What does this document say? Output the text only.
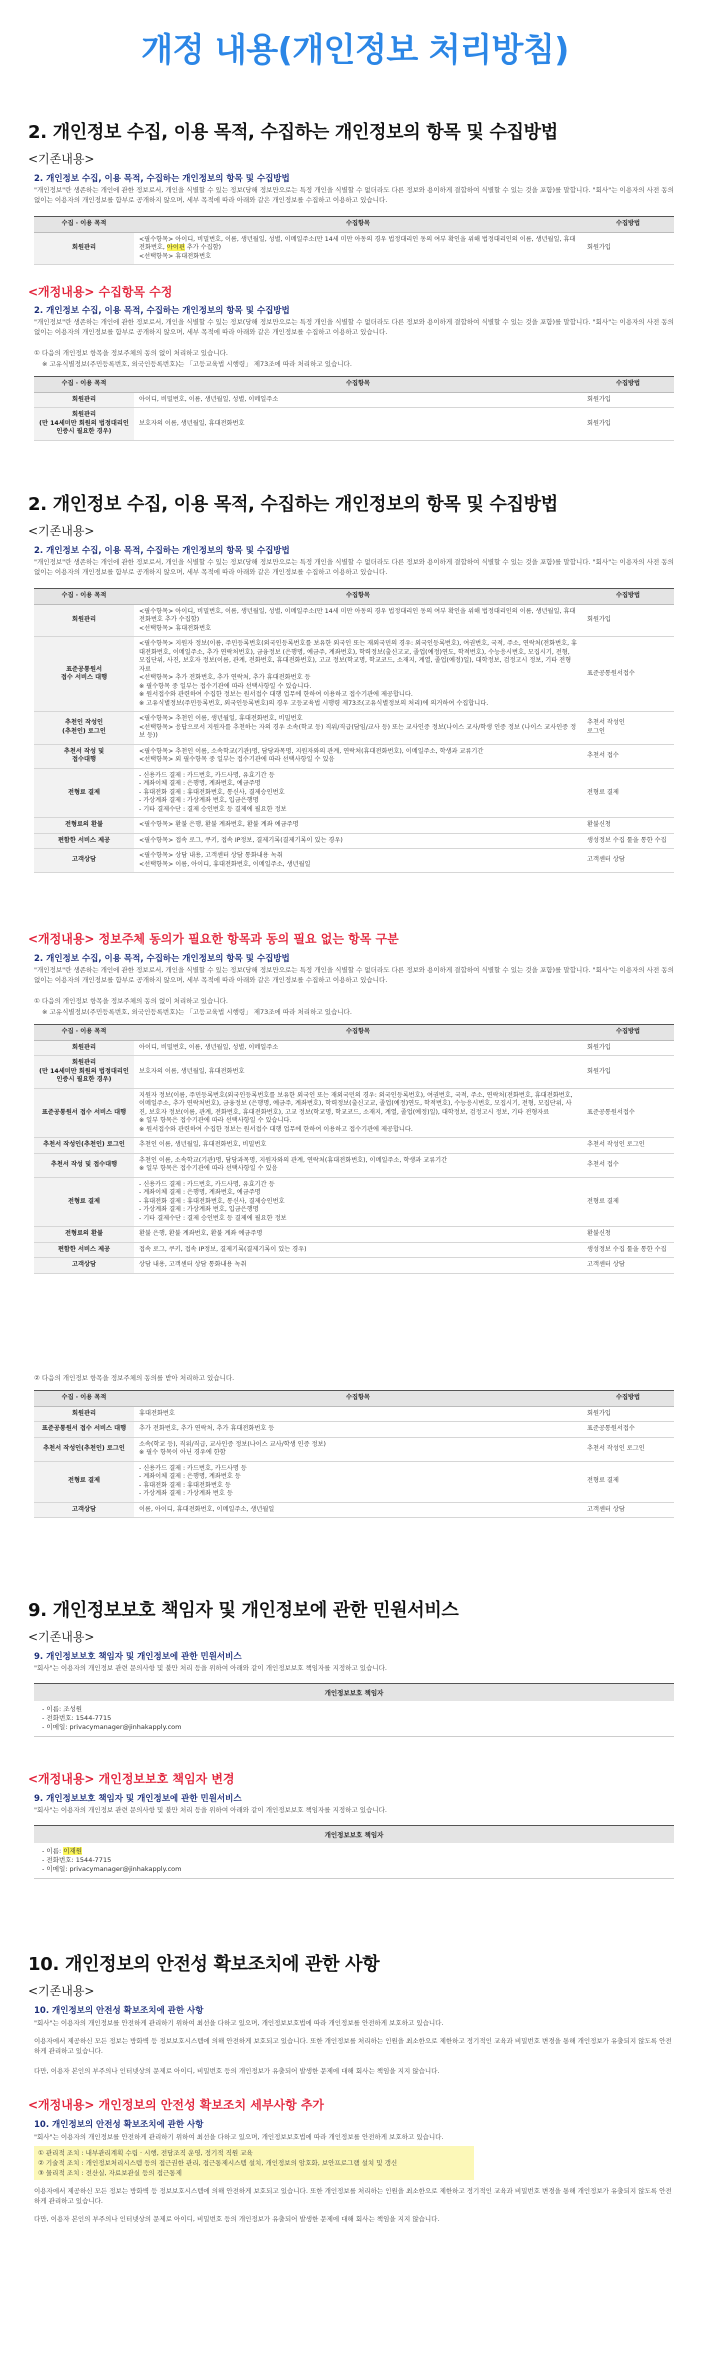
개정 내용(개인정보 처리방침)
2. 개인정보 수집, 이용 목적, 수집하는 개인정보의 항목 및 수집방법
<기존내용>
2. 개인정보 수집, 이용 목적, 수집하는 개인정보의 항목 및 수집방법
"개인정보"란 생존하는 개인에 관한 정보로서, 개인을 식별할 수 있는 정보(당해 정보만으로는 특정 개인을 식별할 수 없더라도 다른 정보와 용이하게 결합하여 식별할 수 있는 것을 포함)를 말합니다. "회사"는 이용자의 사전 동의 없이는 이용자의 개인정보를 함부로 공개하지 않으며, 세부 목적에 따라 아래와 같은 개인정보를 수집하고 이용하고 있습니다.
수집 · 이용 목적	수집항목	수집방법
회원관리	<필수항목> 아이디, 비밀번호, 이름, 생년월일, 성별, 이메일주소(만 14세 미만 아동의 경우 법정대리인 동의 여부 확인을 위해 법정대리인의 이름, 생년월일, 휴대전화번호, 아이핀 추가 수집함)
<선택항목> 휴대전화번호	회원가입
<개정내용> 수집항목 수정
2. 개인정보 수집, 이용 목적, 수집하는 개인정보의 항목 및 수집방법
"개인정보"란 생존하는 개인에 관한 정보로서, 개인을 식별할 수 있는 정보(당해 정보만으로는 특정 개인을 식별할 수 없더라도 다른 정보와 용이하게 결합하여 식별할 수 있는 것을 포함)를 말합니다. "회사"는 이용자의 사전 동의 없이는 이용자의 개인정보를 함부로 공개하지 않으며, 세부 목적에 따라 아래와 같은 개인정보를 수집하고 이용하고 있습니다.
① 다음의 개인정보 항목을 정보주체의 동의 없이 처리하고 있습니다.
※ 고유식별정보(주민등록번호, 외국인등록번호)는 「고등교육법 시행령」 제73조에 따라 처리하고 있습니다.
수집 · 이용 목적	수집항목	수집방법
회원관리	아이디, 비밀번호, 이름, 생년월일, 성별, 이메일주소	회원가입
회원관리
(만 14세미만 회원의 법정대리인 인증시 필요한 경우)	보호자의 이름, 생년월일, 휴대전화번호	회원가입
2. 개인정보 수집, 이용 목적, 수집하는 개인정보의 항목 및 수집방법
<기존내용>
2. 개인정보 수집, 이용 목적, 수집하는 개인정보의 항목 및 수집방법
"개인정보"란 생존하는 개인에 관한 정보로서, 개인을 식별할 수 있는 정보(당해 정보만으로는 특정 개인을 식별할 수 없더라도 다른 정보와 용이하게 결합하여 식별할 수 있는 것을 포함)를 말합니다. "회사"는 이용자의 사전 동의 없이는 이용자의 개인정보를 함부로 공개하지 않으며, 세부 목적에 따라 아래와 같은 개인정보를 수집하고 이용하고 있습니다.
수집 · 이용 목적	수집항목	수집방법
회원관리	<필수항목> 아이디, 비밀번호, 이름, 생년월일, 성별, 이메일주소(만 14세 미만 아동의 경우 법정대리인 동의 여부 확인을 위해 법정대리인의 이름, 생년월일, 휴대전화번호 추가 수집함)
<선택항목> 휴대전화번호	회원가입
표준공통원서
접수 서비스 대행	<필수항목> 지원자 정보(이름, 주민등록번호(외국인등록번호를 보유한 외국인 또는 재외국민의 경우: 외국인등록번호), 여권번호, 국적, 주소, 연락처(전화번호, 휴대전화번호, 이메일주소, 추가 연락처번호), 금융정보 (은행명, 예금주, 계좌번호), 학력정보(출신고교, 졸업(예정)연도, 학적번호), 수능응시번호, 모집시기, 전형, 모집단위, 사진, 보호자 정보(이름, 관계, 전화번호, 휴대전화번호), 고교 정보(학교명, 학교코드, 소재지, 계열, 졸업(예정)일), 대학정보, 검정고시 정보, 기타 전형자료
<선택항목> 추가 전화번호, 추가 연락처, 추가 휴대전화번호 등
※ 필수항목 중 일부는 접수기관에 따라 선택사항일 수 있습니다.
※ 원서접수와 관련하여 수집한 정보는 원서접수 대행 업무에 한하여 이용하고 접수기관에 제공합니다.
※ 고유식별정보(주민등록번호, 외국인등록번호)의 경우 고등교육법 시행령 제73조(고유식별정보의 처리)에 의거하여 수집합니다.	표준공통원서접수
추천인 작성인
(추천인) 로그인	<필수항목> 추천인 이름, 생년월일, 휴대전화번호, 비밀번호
<선택항목> 응답으로서 지원자를 추천하는 자의 경우 소속(학교 등) 직위/직급(담임/교사 등) 또는 교사인증 정보(나이스 교사/학생 인증 정보 (나이스 교사인증 정보 등))	추천서 작성인
로그인
추천서 작성 및
접수대행	<필수항목> 추천인 이름, 소속학교(기관)명, 담당과목명, 지원자와의 관계, 연락처(휴대전화번호), 이메일주소, 학생과 교류기간
<선택항목> 외 필수항목 중 일부는 접수기관에 따라 선택사항일 수 있음	추천서 접수
전형료 결제	- 신용카드 결제 : 카드번호, 카드사명, 유효기간 등
- 계좌이체 결제 : 은행명, 계좌번호, 예금주명
- 휴대전화 결제 : 휴대전화번호, 통신사, 결제승인번호
- 가상계좌 결제 : 가상계좌 번호, 입금은행명
- 기타 결제수단 : 결제 승인번호 등 결제에 필요한 정보	전형료 결제
전형료의 환불	<필수항목> 환불 은행, 환불 계좌번호, 환불 계좌 예금주명	환불신청
편함한 서비스 제공	<필수항목> 접속 로그, 쿠키, 접속 IP정보, 결제기록(결제기록이 있는 경우)	생성정보 수집 툴을 통한 수집
고객상담	<필수항목> 상담 내용, 고객센터 상담 통화내용 녹취
<선택항목> 이름, 아이디, 휴대전화번호, 이메일주소, 생년월일	고객센터 상담
<개정내용> 정보주체 동의가 필요한 항목과 동의 필요 없는 항목 구분
2. 개인정보 수집, 이용 목적, 수집하는 개인정보의 항목 및 수집방법
"개인정보"란 생존하는 개인에 관한 정보로서, 개인을 식별할 수 있는 정보(당해 정보만으로는 특정 개인을 식별할 수 없더라도 다른 정보와 용이하게 결합하여 식별할 수 있는 것을 포함)를 말합니다. "회사"는 이용자의 사전 동의 없이는 이용자의 개인정보를 함부로 공개하지 않으며, 세부 목적에 따라 아래와 같은 개인정보를 수집하고 이용하고 있습니다.
① 다음의 개인정보 항목을 정보주체의 동의 없이 처리하고 있습니다.
※ 고유식별정보(주민등록번호, 외국인등록번호)는 「고등교육법 시행령」 제73조에 따라 처리하고 있습니다.
수집 · 이용 목적	수집항목	수집방법
회원관리	아이디, 비밀번호, 이름, 생년월일, 성별, 이메일주소	회원가입
회원관리
(만 14세미만 회원의 법정대리인 인증시 필요한 경우)	보호자의 이름, 생년월일, 휴대전화번호	회원가입
표준공통원서 접수 서비스 대행	지원자 정보(이름, 주민등록번호(외국인등록번호를 보유한 외국인 또는 재외국민의 경우: 외국인등록번호), 여권번호, 국적, 주소, 연락처(전화번호, 휴대전화번호, 이메일주소, 추가 연락처번호), 금융정보 (은행명, 예금주, 계좌번호), 학력정보(출신고교, 졸업(예정)연도, 학적번호), 수능응시번호, 모집시기, 전형, 모집단위, 사진, 보호자 정보(이름, 관계, 전화번호, 휴대전화번호), 고교 정보(학교명, 학교코드, 소재지, 계열, 졸업(예정)일), 대학정보, 검정고시 정보, 기타 전형자료
※ 일부 항목은 접수기관에 따라 선택사항일 수 있습니다.
※ 원서접수와 관련하여 수집한 정보는 원서접수 대행 업무에 한하여 이용하고 접수기관에 제공합니다.	표준공통원서접수
추천서 작성인(추천인) 로그인	추천인 이름, 생년월일, 휴대전화번호, 비밀번호	추천서 작성인 로그인
추천서 작성 및 접수대행	추천인 이름, 소속학교(기관)명, 담당과목명, 지원자와의 관계, 연락처(휴대전화번호), 이메일주소, 학생과 교류기간
※ 일부 항목은 접수기관에 따라 선택사항일 수 있음	추천서 접수
전형료 결제	- 신용카드 결제 : 카드번호, 카드사명, 유효기간 등
- 계좌이체 결제 : 은행명, 계좌번호, 예금주명
- 휴대전화 결제 : 휴대전화번호, 통신사, 결제승인번호
- 가상계좌 결제 : 가상계좌 번호, 입금은행명
- 기타 결제수단 : 결제 승인번호 등 결제에 필요한 정보	전형료 결제
전형료의 환불	환불 은행, 환불 계좌번호, 환불 계좌 예금주명	환불신청
편함한 서비스 제공	접속 로그, 쿠키, 접속 IP정보, 결제기록(결제기록이 있는 경우)	생성정보 수집 툴을 통한 수집
고객상담	상담 내용, 고객센터 상담 통화내용 녹취	고객센터 상담
② 다음의 개인정보 항목을 정보주체의 동의를 받아 처리하고 있습니다.
수집 · 이용 목적	수집항목	수집방법
회원관리	휴대전화번호	회원가입
표준공통원서 접수 서비스 대행	추가 전화번호, 추가 연락처, 추가 휴대전화번호 등	표준공통원서접수
추천서 작성인(추천인) 로그인	소속(학교 등), 직위/직급, 교사인증 정보(나이스 교사/학생 인증 정보)
※ 필수 항목이 아닌 경우에 한함	추천서 작성인 로그인
전형료 결제	- 신용카드 결제 : 카드번호, 카드사명 등
- 계좌이체 결제 : 은행명, 계좌번호 등
- 휴대전화 결제 : 휴대전화번호 등
- 가상계좌 결제 : 가상계좌 번호 등	전형료 결제
고객상담	이름, 아이디, 휴대전화번호, 이메일주소, 생년월일	고객센터 상담
9. 개인정보보호 책임자 및 개인정보에 관한 민원서비스
<기존내용>
9. 개인정보보호 책임자 및 개인정보에 관한 민원서비스
"회사"는 이용자의 개인정보 관련 문의사항 및 불만 처리 등을 위하여 아래와 같이 개인정보보호 책임자를 지정하고 있습니다.
개인정보보호 책임자
- 이름: 조성원
- 전화번호: 1544-7715
- 이메일: privacymanager@jinhakapply.com
<개정내용> 개인정보보호 책임자 변경
9. 개인정보보호 책임자 및 개인정보에 관한 민원서비스
"회사"는 이용자의 개인정보 관련 문의사항 및 불만 처리 등을 위하여 아래와 같이 개인정보보호 책임자를 지정하고 있습니다.
개인정보보호 책임자
- 이름: 이재원
- 전화번호: 1544-7715
- 이메일: privacymanager@jinhakapply.com
10. 개인정보의 안전성 확보조치에 관한 사항
<기존내용>
10. 개인정보의 안전성 확보조치에 관한 사항
"회사"는 이용자의 개인정보를 안전하게 관리하기 위하여 최선을 다하고 있으며, 개인정보보호법에 따라 개인정보를 안전하게 보호하고 있습니다.
이용자에서 제공하신 모든 정보는 방화벽 등 정보보호시스템에 의해 안전하게 보호되고 있습니다. 또한 개인정보를 처리하는 인원을 최소한으로 제한하고 정기적인 교육과 비밀번호 변경을 통해 개인정보가 유출되지 않도록 안전하게 관리하고 있습니다.
다만, 이용자 본인의 부주의나 인터넷상의 문제로 아이디, 비밀번호 등의 개인정보가 유출되어 발생한 문제에 대해 회사는 책임을 지지 않습니다.
<개정내용> 개인정보의 안전성 확보조치 세부사항 추가
10. 개인정보의 안전성 확보조치에 관한 사항
"회사"는 이용자의 개인정보를 안전하게 관리하기 위하여 최선을 다하고 있으며, 개인정보보호법에 따라 개인정보를 안전하게 보호하고 있습니다.
① 관리적 조치 : 내부관리계획 수립 · 시행, 전담조직 운영, 정기적 직원 교육
② 기술적 조치 : 개인정보처리시스템 등의 접근권한 관리, 접근통제시스템 설치, 개인정보의 암호화, 보안프로그램 설치 및 갱신
③ 물리적 조치 : 전산실, 자료보관실 등의 접근통제
이용자에서 제공하신 모든 정보는 방화벽 등 정보보호시스템에 의해 안전하게 보호되고 있습니다. 또한 개인정보를 처리하는 인원을 최소한으로 제한하고 정기적인 교육과 비밀번호 변경을 통해 개인정보가 유출되지 않도록 안전하게 관리하고 있습니다.
다만, 이용자 본인의 부주의나 인터넷상의 문제로 아이디, 비밀번호 등의 개인정보가 유출되어 발생한 문제에 대해 회사는 책임을 지지 않습니다.
